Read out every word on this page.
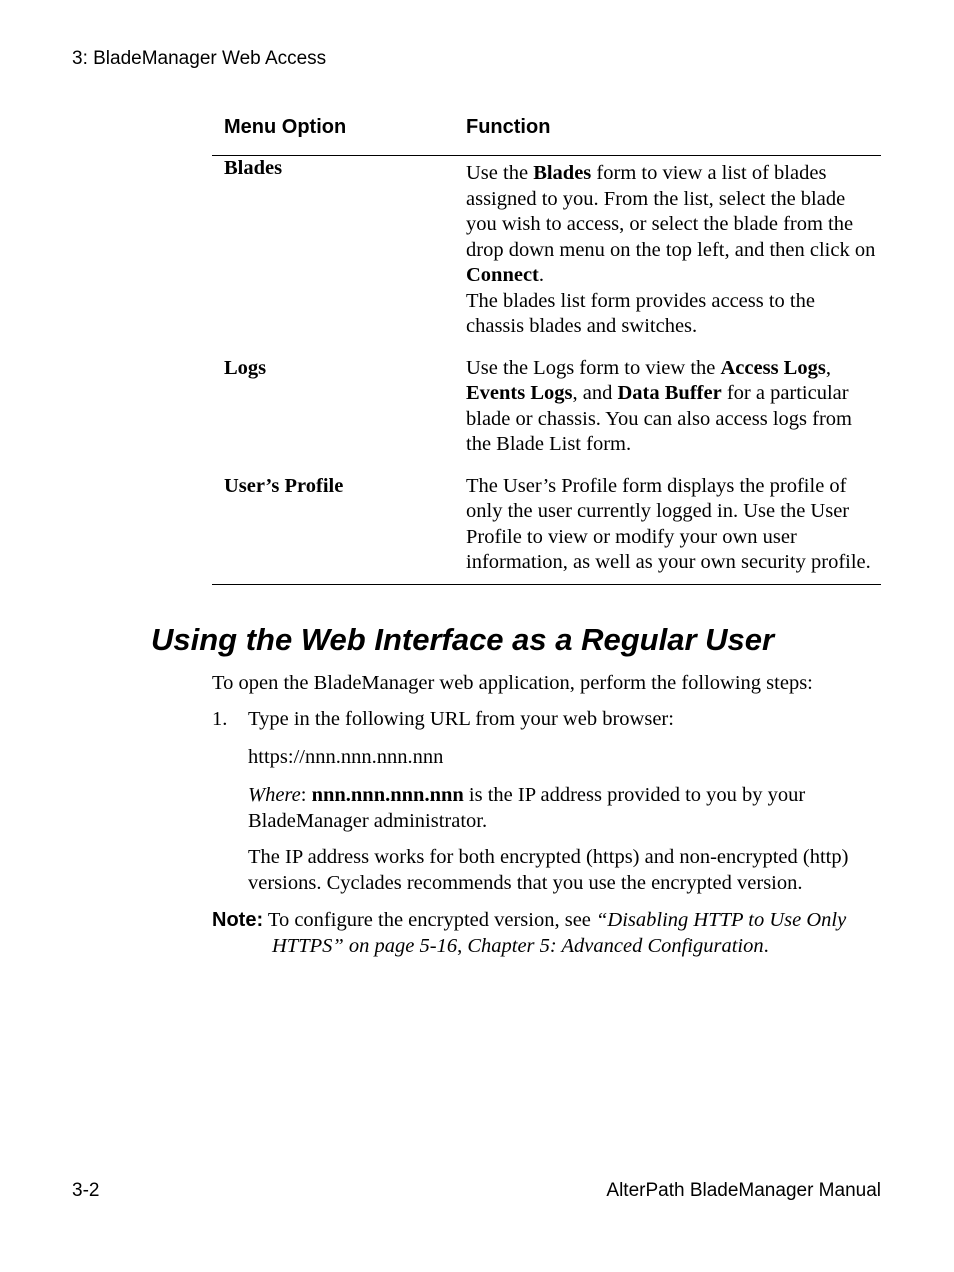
3: BladeManager Web Access
Menu Option	Function
Blades	Use the Blades form to view a list of blades assigned to you. From the list, select the blade you wish to access, or select the blade from the drop down menu on the top left, and then click on Connect.
The blades list form provides access to the chassis blades and switches.
Logs	Use the Logs form to view the Access Logs, Events Logs, and Data Buffer for a particular blade or chassis. You can also access logs from the Blade List form.
User’s Profile	The User’s Profile form displays the profile of only the user currently logged in. Use the User Profile to view or modify your own user information, as well as your own security profile.
Using the Web Interface as a Regular User
To open the BladeManager web application, perform the following steps:
1. Type in the following URL from your web browser:
https://nnn.nnn.nnn.nnn
Where: nnn.nnn.nnn.nnn is the IP address provided to you by your BladeManager administrator.
The IP address works for both encrypted (https) and non-encrypted (http) versions. Cyclades recommends that you use the encrypted version.
Note: To configure the encrypted version, see “Disabling HTTP to Use Only
HTTPS” on page 5-16, Chapter 5: Advanced Configuration.
3-2	AlterPath BladeManager Manual
